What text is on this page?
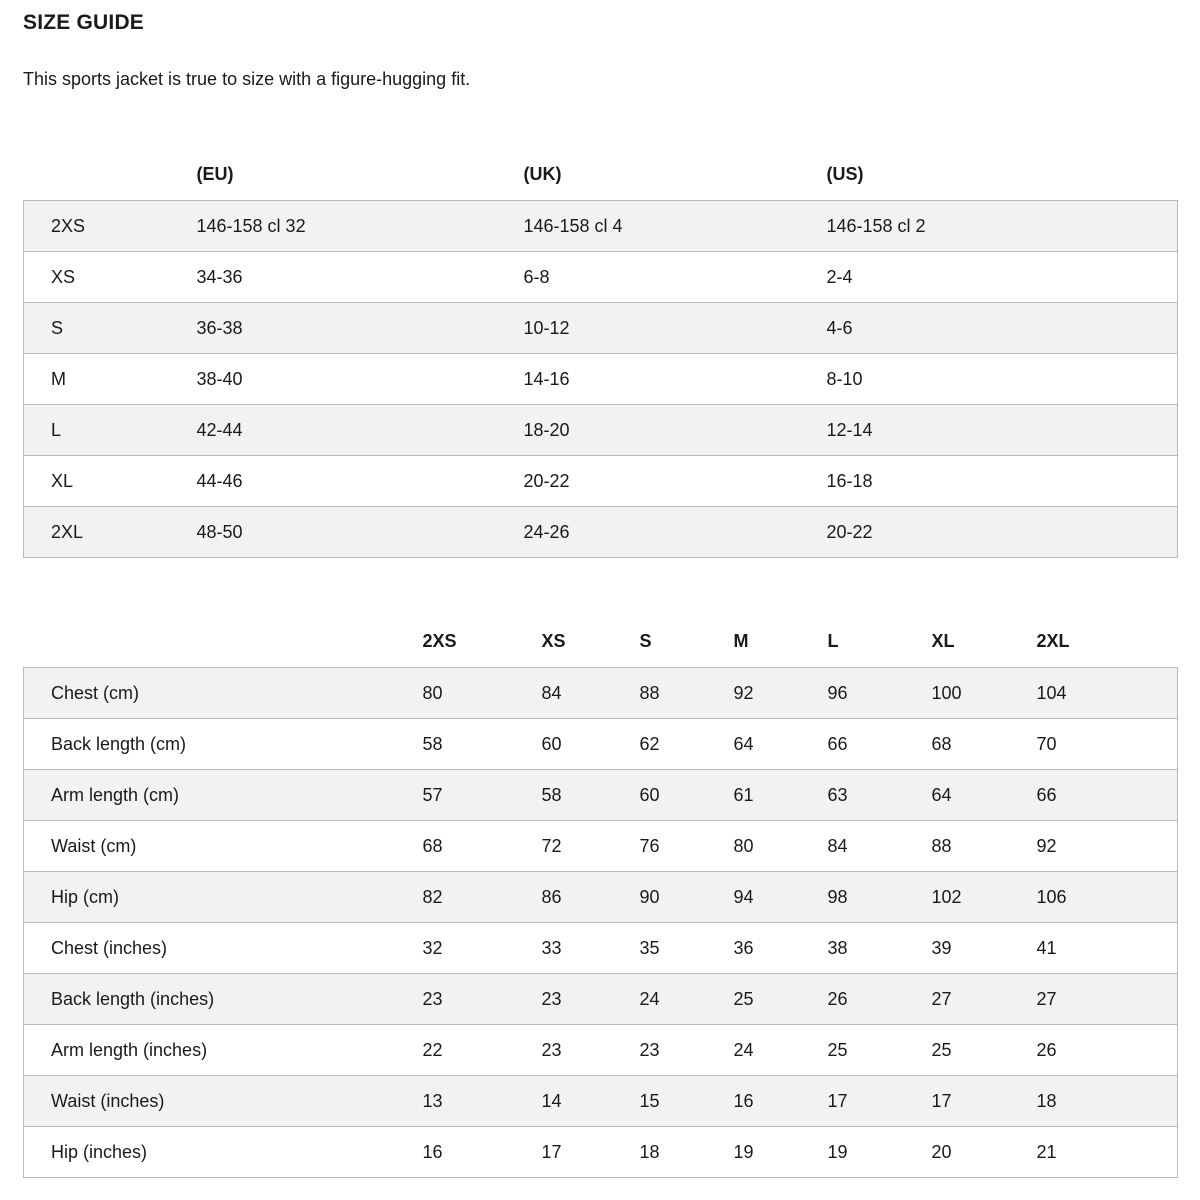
SIZE GUIDE

This sports jacket is true to size with a figure-hugging fit.

	(EU)	(UK)	(US)
2XS	146-158 cl 32	146-158 cl 4	146-158 cl 2
XS	34-36	6-8	2-4
S	36-38	10-12	4-6
M	38-40	14-16	8-10
L	42-44	18-20	12-14
XL	44-46	20-22	16-18
2XL	48-50	24-26	20-22
	2XS	XS	S	M	L	XL	2XL
Chest (cm)	80	84	88	92	96	100	104
Back length (cm)	58	60	62	64	66	68	70
Arm length (cm)	57	58	60	61	63	64	66
Waist (cm)	68	72	76	80	84	88	92
Hip (cm)	82	86	90	94	98	102	106
Chest (inches)	32	33	35	36	38	39	41
Back length (inches)	23	23	24	25	26	27	27
Arm length (inches)	22	23	23	24	25	25	26
Waist (inches)	13	14	15	16	17	17	18
Hip (inches)	16	17	18	19	19	20	21
